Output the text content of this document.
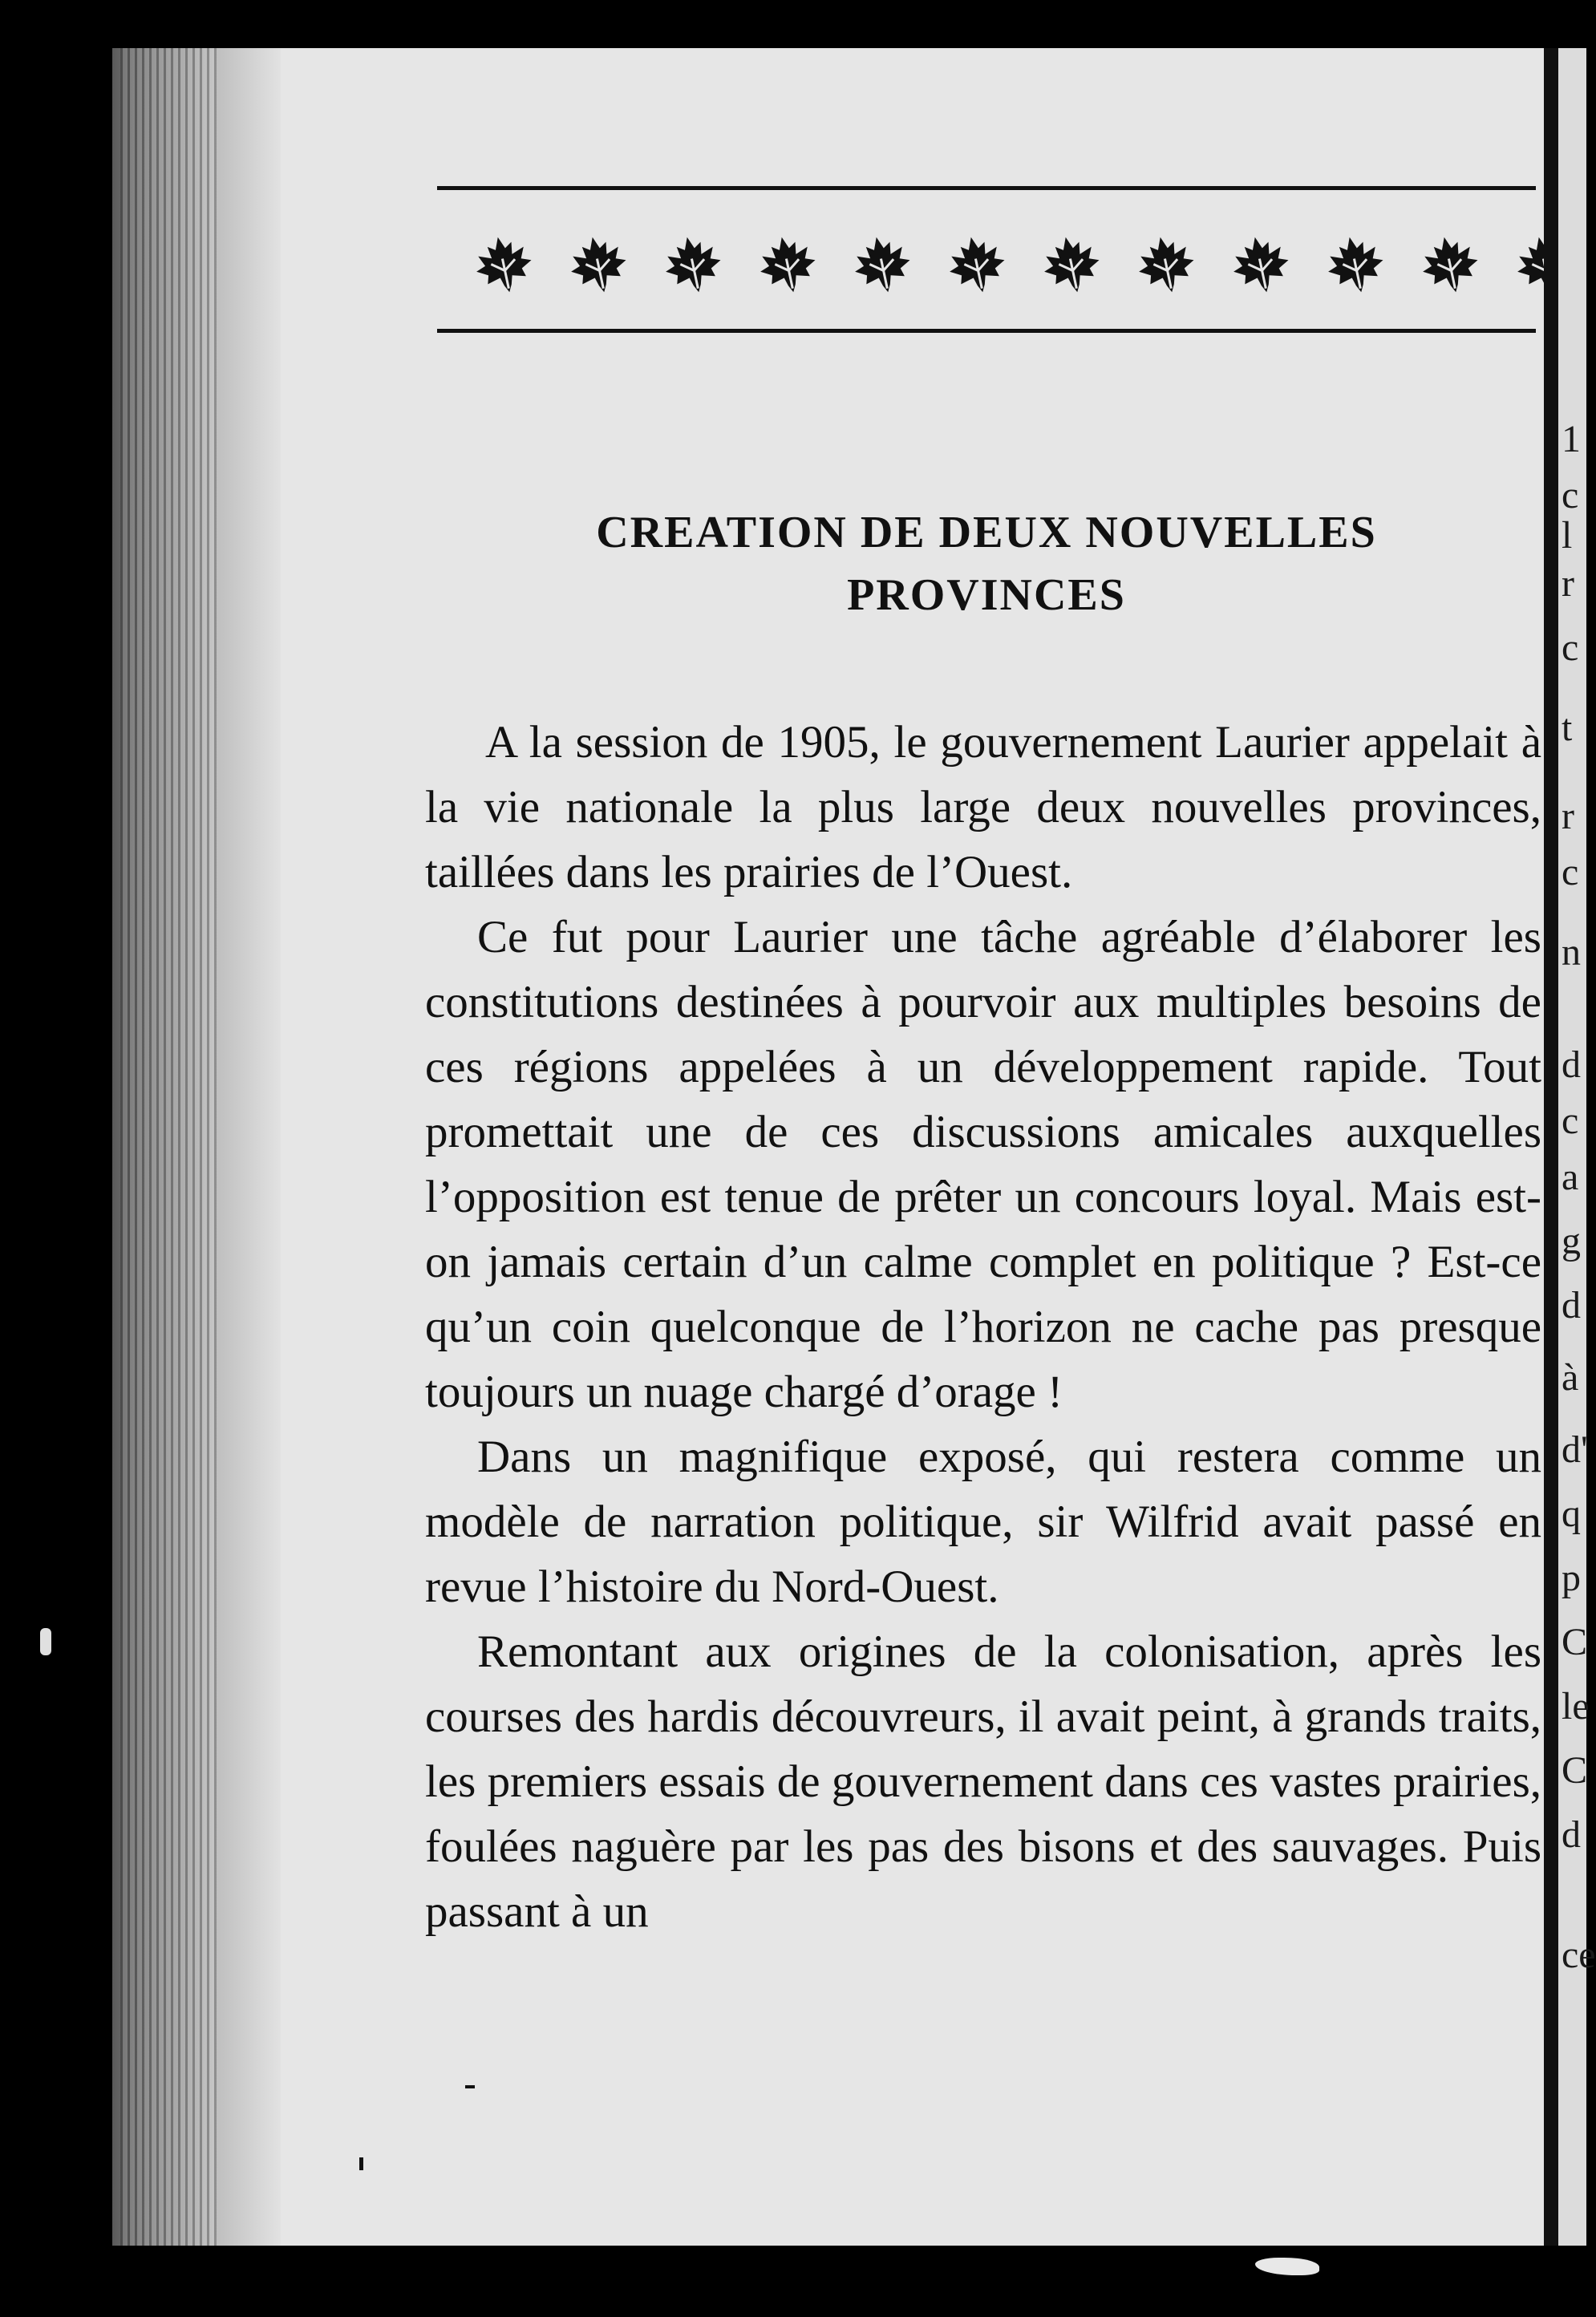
CREATION DE DEUX NOUVELLES
PROVINCES

A la session de 1905, le gouvernement Laurier appelait à la vie nationale la plus large deux nouvelles provinces, taillées dans les prairies de l’Ouest.

Ce fut pour Laurier une tâche agréable d’élaborer les constitutions destinées à pourvoir aux multiples besoins de ces régions appelées à un développement rapide. Tout promettait une de ces discussions amicales auxquelles l’opposition est tenue de prêter un concours loyal. Mais est-on jamais certain d’un calme complet en politique ? Est-ce qu’un coin quelconque de l’horizon ne cache pas presque toujours un nuage chargé d’orage !

Dans un magnifique exposé, qui restera comme un modèle de narration politique, sir Wilfrid avait passé en revue l’histoire du Nord-Ouest.

Remontant aux origines de la colonisation, après les courses des hardis découvreurs, il avait peint, à grands traits, les premiers essais de gouvernement dans ces vastes prairies, foulées naguère par les pas des bisons et des sauvages. Puis passant à un

1
c
l
r
c
t
r
c
n
d
c
a
g
d
à
d'
q
p
C
le
C
d
ce
